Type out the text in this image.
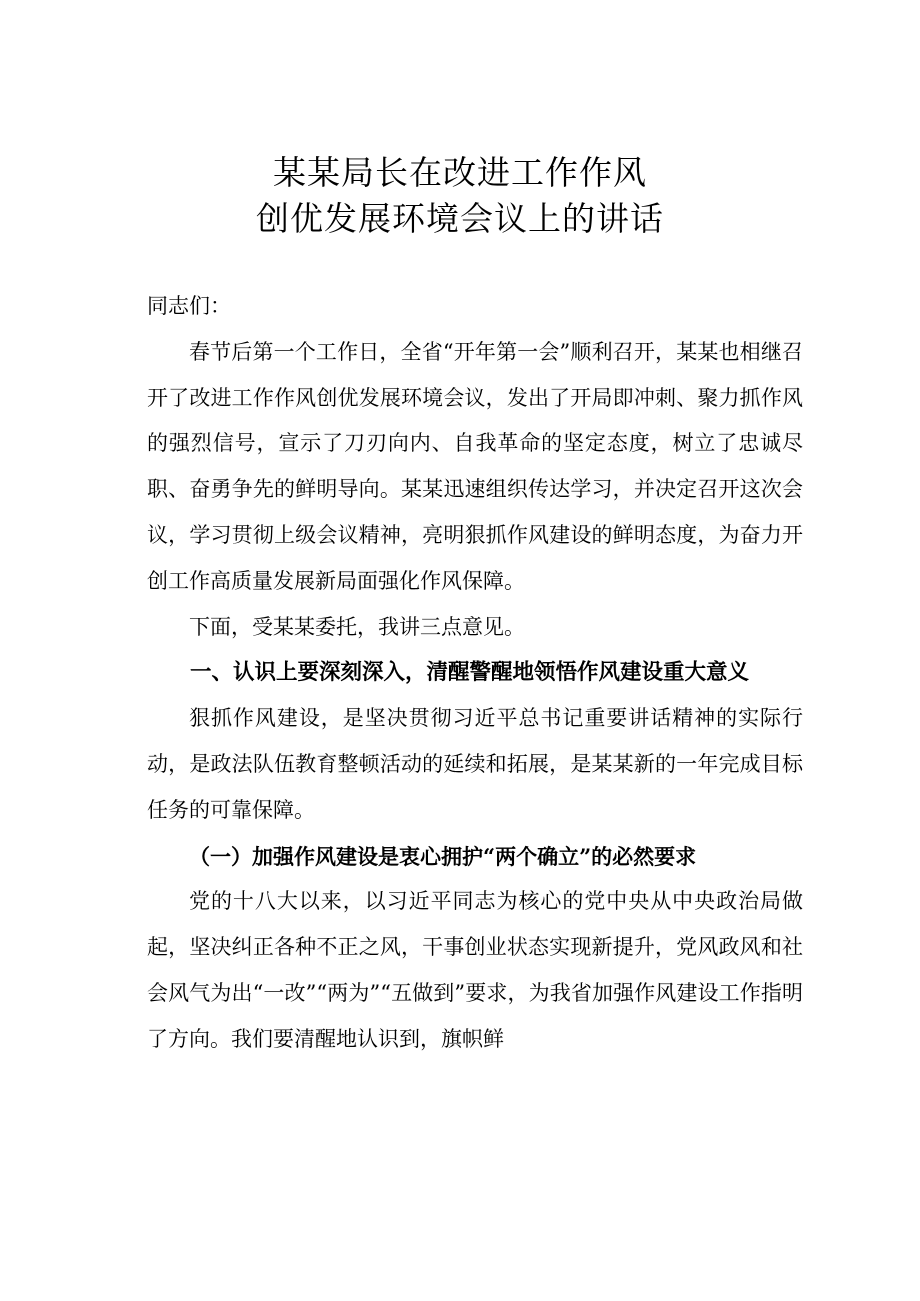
某某局长在改进工作作风
创优发展环境会议上的讲话

同志们：

春节后第一个工作日，全省“开年第一会”顺利召开，某某也相继召开了改进工作作风创优发展环境会议，发出了开局即冲刺、聚力抓作风的强烈信号，宣示了刀刃向内、自我革命的坚定态度，树立了忠诚尽职、奋勇争先的鲜明导向。某某迅速组织传达学习，并决定召开这次会议，学习贯彻上级会议精神，亮明狠抓作风建设的鲜明态度，为奋力开创工作高质量发展新局面强化作风保障。

下面，受某某委托，我讲三点意见。

一、认识上要深刻深入，清醒警醒地领悟作风建设重大意义

狠抓作风建设，是坚决贯彻习近平总书记重要讲话精神的实际行动，是政法队伍教育整顿活动的延续和拓展，是某某新的一年完成目标任务的可靠保障。

（一）加强作风建设是衷心拥护“两个确立”的必然要求

党的十八大以来，以习近平同志为核心的党中央从中央政治局做起，坚决纠正各种不正之风，干事创业状态实现新提升，党风政风和社会风气为出“一改”“两为”“五做到”要求，为我省加强作风建设工作指明了方向。我们要清醒地认识到，旗帜鲜
